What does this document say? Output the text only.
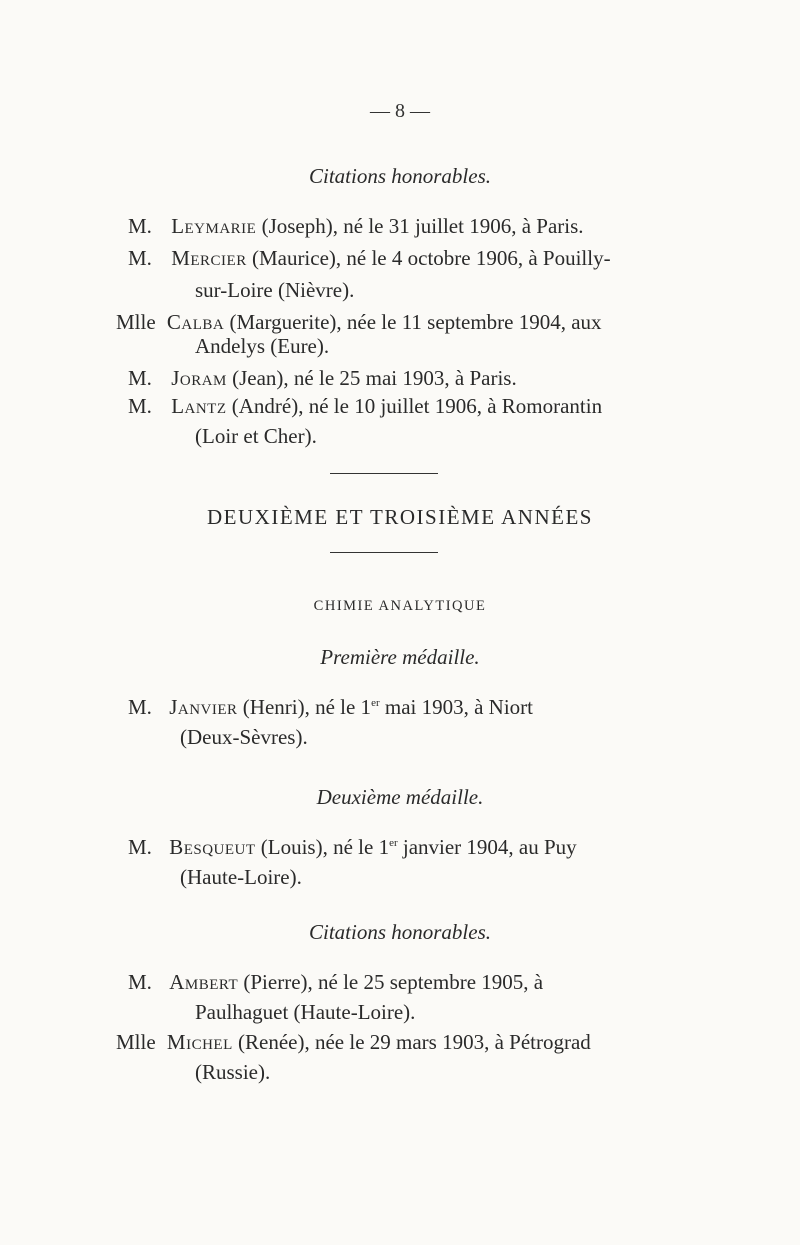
— 8 —
Citations honorables.
M. Leymarie (Joseph), né le 31 juillet 1906, à Paris.
M. Mercier (Maurice), né le 4 octobre 1906, à Pouilly-
sur-Loire (Nièvre).
Mlle Calba (Marguerite), née le 11 septembre 1904, aux
Andelys (Eure).
M. Joram (Jean), né le 25 mai 1903, à Paris.
M. Lantz (André), né le 10 juillet 1906, à Romorantin
(Loir et Cher).
DEUXIÈME ET TROISIÈME ANNÉES
CHIMIE ANALYTIQUE
Première médaille.
M. Janvier (Henri), né le 1er mai 1903, à Niort
(Deux-Sèvres).
Deuxième médaille.
M. Besqueut (Louis), né le 1er janvier 1904, au Puy
(Haute-Loire).
Citations honorables.
M. Ambert (Pierre), né le 25 septembre 1905, à
Paulhaguet (Haute-Loire).
Mlle Michel (Renée), née le 29 mars 1903, à Pétrograd
(Russie).
